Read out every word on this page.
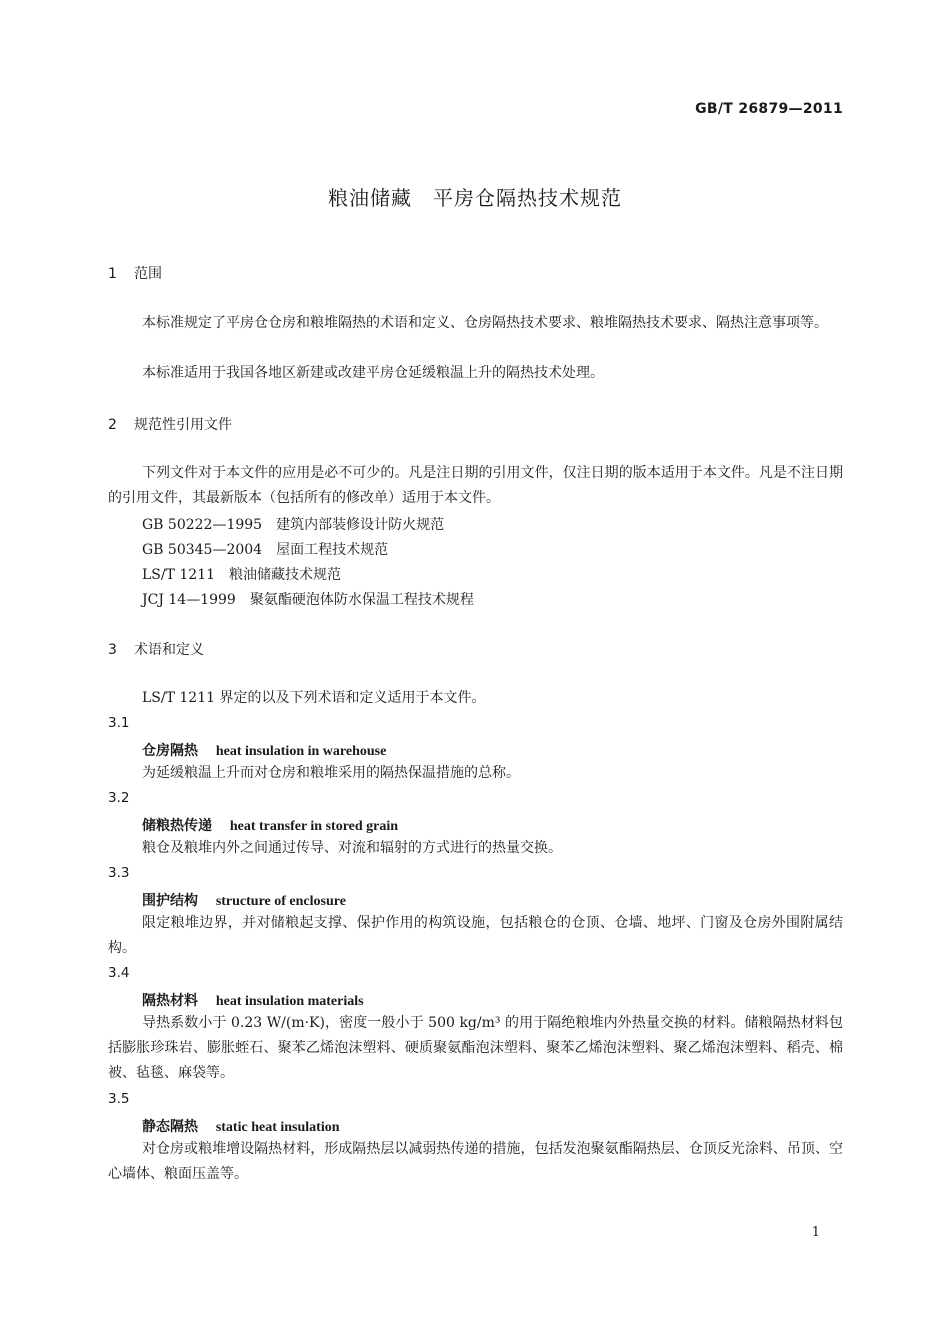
GB/T 26879—2011
粮油储藏　平房仓隔热技术规范
1 范围
本标准规定了平房仓仓房和粮堆隔热的术语和定义、仓房隔热技术要求、粮堆隔热技术要求、隔热注意事项等。
本标准适用于我国各地区新建或改建平房仓延缓粮温上升的隔热技术处理。
2 规范性引用文件
下列文件对于本文件的应用是必不可少的。凡是注日期的引用文件，仅注日期的版本适用于本文件。凡是不注日期的引用文件，其最新版本（包括所有的修改单）适用于本文件。
GB 50222—1995　建筑内部装修设计防火规范
GB 50345—2004　屋面工程技术规范
LS/T 1211　粮油储藏技术规范
JCJ 14—1999　聚氨酯硬泡体防水保温工程技术规程
3 术语和定义
LS/T 1211 界定的以及下列术语和定义适用于本文件。
3.1
仓房隔热 heat insulation in warehouse
为延缓粮温上升而对仓房和粮堆采用的隔热保温措施的总称。
3.2
储粮热传递 heat transfer in stored grain
粮仓及粮堆内外之间通过传导、对流和辐射的方式进行的热量交换。
3.3
围护结构 structure of enclosure
限定粮堆边界，并对储粮起支撑、保护作用的构筑设施，包括粮仓的仓顶、仓墙、地坪、门窗及仓房外围附属结构。
3.4
隔热材料 heat insulation materials
导热系数小于 0.23 W/(m·K)，密度一般小于 500 kg/m³ 的用于隔绝粮堆内外热量交换的材料。储粮隔热材料包括膨胀珍珠岩、膨胀蛭石、聚苯乙烯泡沫塑料、硬质聚氨酯泡沫塑料、聚苯乙烯泡沫塑料、聚乙烯泡沫塑料、稻壳、棉被、毡毯、麻袋等。
3.5
静态隔热 static heat insulation
对仓房或粮堆增设隔热材料，形成隔热层以减弱热传递的措施，包括发泡聚氨酯隔热层、仓顶反光涂料、吊顶、空心墙体、粮面压盖等。
1
